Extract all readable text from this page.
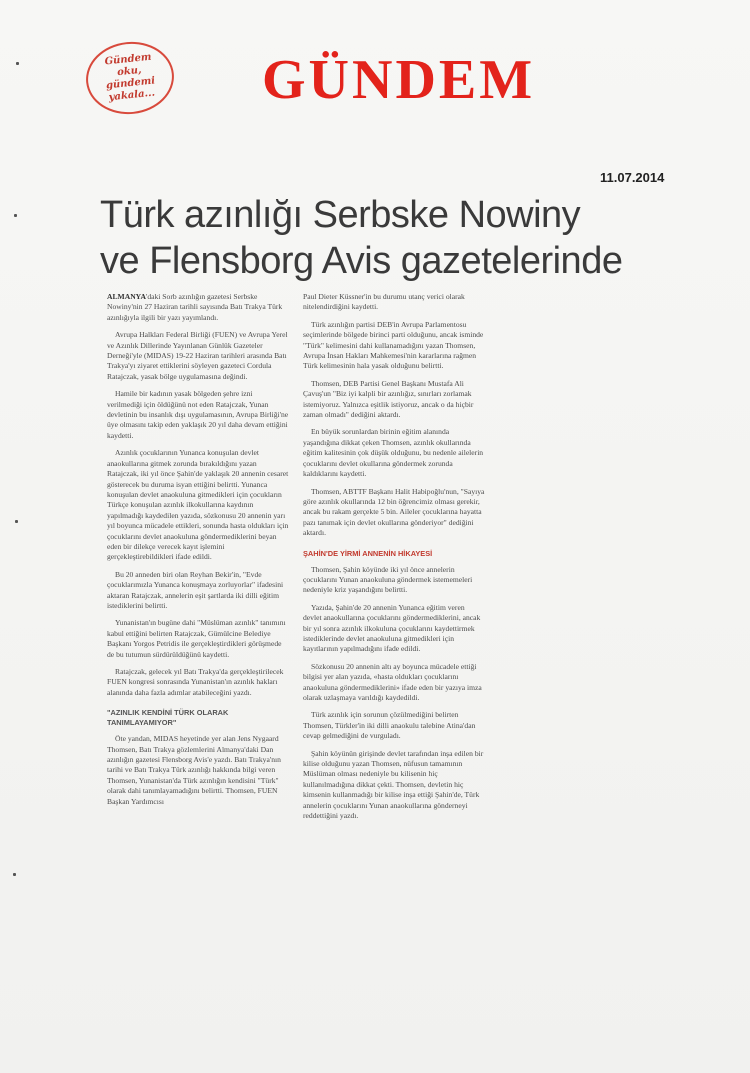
Gündem
oku,
gündemi
yakala... GÜNDEM
11.07.2014
Türk azınlığı Serbske Nowiny
ve Flensborg Avis gazetelerinde

ALMANYA'daki Sorb azınlığın gazetesi Serbske Nowiny'nin 27 Haziran tarihli sayısında Batı Trakya Türk azınlığıyla ilgili bir yazı yayımlandı.

Avrupa Halkları Federal Birliği (FUEN) ve Avrupa Yerel ve Azınlık Dillerinde Yayınlanan Günlük Gazeteler Derneği'yle (MIDAS) 19-22 Haziran tarihleri arasında Batı Trakya'yı ziyaret ettiklerini söyleyen gazeteci Cordula Ratajczak, yasak bölge uygulamasına değindi.

Hamile bir kadının yasak bölgeden şehre izni verilmediği için öldüğünü not eden Ratajczak, Yunan devletinin bu insanlık dışı uygulamasının, Avrupa Birliği'ne üye olmasını takip eden yaklaşık 20 yıl daha devam ettiğini kaydetti.

Azınlık çocuklarının Yunanca konuşulan devlet anaokullarına gitmek zorunda bırakıldığını yazan Ratajczak, iki yıl önce Şahin'de yaklaşık 20 annenin cesaret gösterecek bu duruma isyan ettiğini belirtti. Yunanca konuşulan devlet anaokuluna gitmedikleri için çocukların Türkçe konuşulan azınlık ilkokullarına kaydının yapılmadığı kaydedilen yazıda, sözkonusu 20 annenin yarı yıl boyunca mücadele ettikleri, sonunda hasta oldukları için çocuklarını devlet anaokuluna göndermediklerini beyan eden bir dilekçe verecek kayıt işlemini gerçekleştirebildikleri ifade edildi.

Bu 20 anneden biri olan Reyhan Bekir'in, "Evde çocuklarımızla Yunanca konuşmaya zorluyorlar" ifadesini aktaran Ratajczak, annelerin eşit şartlarda iki dilli eğitim istediklerini belirtti.

Yunanistan'ın bugüne dahi "Müslüman azınlık" tanımını kabul ettiğini belirten Ratajczak, Gümülcine Belediye Başkanı Yorgos Petridis ile gerçekleştirdikleri görüşmede de bu tutumun sürdürüldüğünü kaydetti.

Ratajczak, gelecek yıl Batı Trakya'da gerçekleştirilecek FUEN kongresi sonrasında Yunanistan'ın azınlık hakları alanında daha fazla adımlar atabileceğini yazdı.

"AZINLIK KENDİNİ TÜRK OLARAK TANIMLAYAMIYOR"

Öte yandan, MIDAS heyetinde yer alan Jens Nygaard Thomsen, Batı Trakya gözlemlerini Almanya'daki Dan azınlığın gazetesi Flensborg Avis'e yazdı. Batı Trakya'nın tarihi ve Batı Trakya Türk azınlığı hakkında bilgi veren Thomsen, Yunanistan'da Türk azınlığın kendisini "Türk" olarak dahi tanımlayamadığını belirtti. Thomsen, FUEN Başkan Yardımcısı

Paul Dieter Küssner'in bu durumu utanç verici olarak nitelendirdiğini kaydetti.

Türk azınlığın partisi DEB'in Avrupa Parlamentosu seçimlerinde bölgede birinci parti olduğunu, ancak isminde "Türk" kelimesini dahi kullanamadığını yazan Thomsen, Avrupa İnsan Hakları Mahkemesi'nin kararlarına rağmen Türk kelimesinin hala yasak olduğunu belirtti.

Thomsen, DEB Partisi Genel Başkanı Mustafa Ali Çavuş'un "Biz iyi kalpli bir azınlığız, sınırları zorlamak istemiyoruz. Yalnızca eşitlik istiyoruz, ancak o da hiçbir zaman olmadı" dediğini aktardı.

En büyük sorunlardan birinin eğitim alanında yaşandığına dikkat çeken Thomsen, azınlık okullarında eğitim kalitesinin çok düşük olduğunu, bu nedenle ailelerin çocuklarını devlet okullarına göndermek zorunda kaldıklarını kaydetti.

Thomsen, ABTTF Başkanı Halit Habipoğlu'nun, "Sayıya göre azınlık okullarında 12 bin öğrencimiz olması gerekir, ancak bu rakam gerçekte 5 bin. Aileler çocuklarına hayatta pazı tanımak için devlet okullarına gönderiyor" dediğini aktardı.

ŞAHİN'DE YİRMİ ANNENİN HİKAYESİ

Thomsen, Şahin köyünde iki yıl önce annelerin çocuklarını Yunan anaokuluna göndermek istememeleri nedeniyle kriz yaşandığını belirtti.

Yazıda, Şahin'de 20 annenin Yunanca eğitim veren devlet anaokullarına çocuklarını göndermediklerini, ancak bir yıl sonra azınlık ilkokuluna çocuklarını kaydettirmek istediklerinde devlet anaokuluna gitmedikleri için kayıtlarının yapılmadığını ifade edildi.

Sözkonusu 20 annenin altı ay boyunca mücadele ettiği bilgisi yer alan yazıda, «hasta oldukları çocuklarını anaokuluna göndermediklerini» ifade eden bir yazıya imza olarak uzlaşmaya varıldığı kaydedildi.

Türk azınlık için sorunun çözülmediğini belirten Thomsen, Türkler'in iki dilli anaokulu talebine Atina'dan cevap gelmediğini de vurguladı.

Şahin köyünün girişinde devlet tarafından inşa edilen bir kilise olduğunu yazan Thomsen, nüfusun tamamının Müslüman olması nedeniyle bu kilisenin hiç kullanılmadığına dikkat çekti. Thomsen, devletin hiç kimsenin kullanmadığı bir kilise inşa ettiği Şahin'de, Türk annelerin çocuklarını Yunan anaokullarına gönderneyi reddettiğini yazdı.
